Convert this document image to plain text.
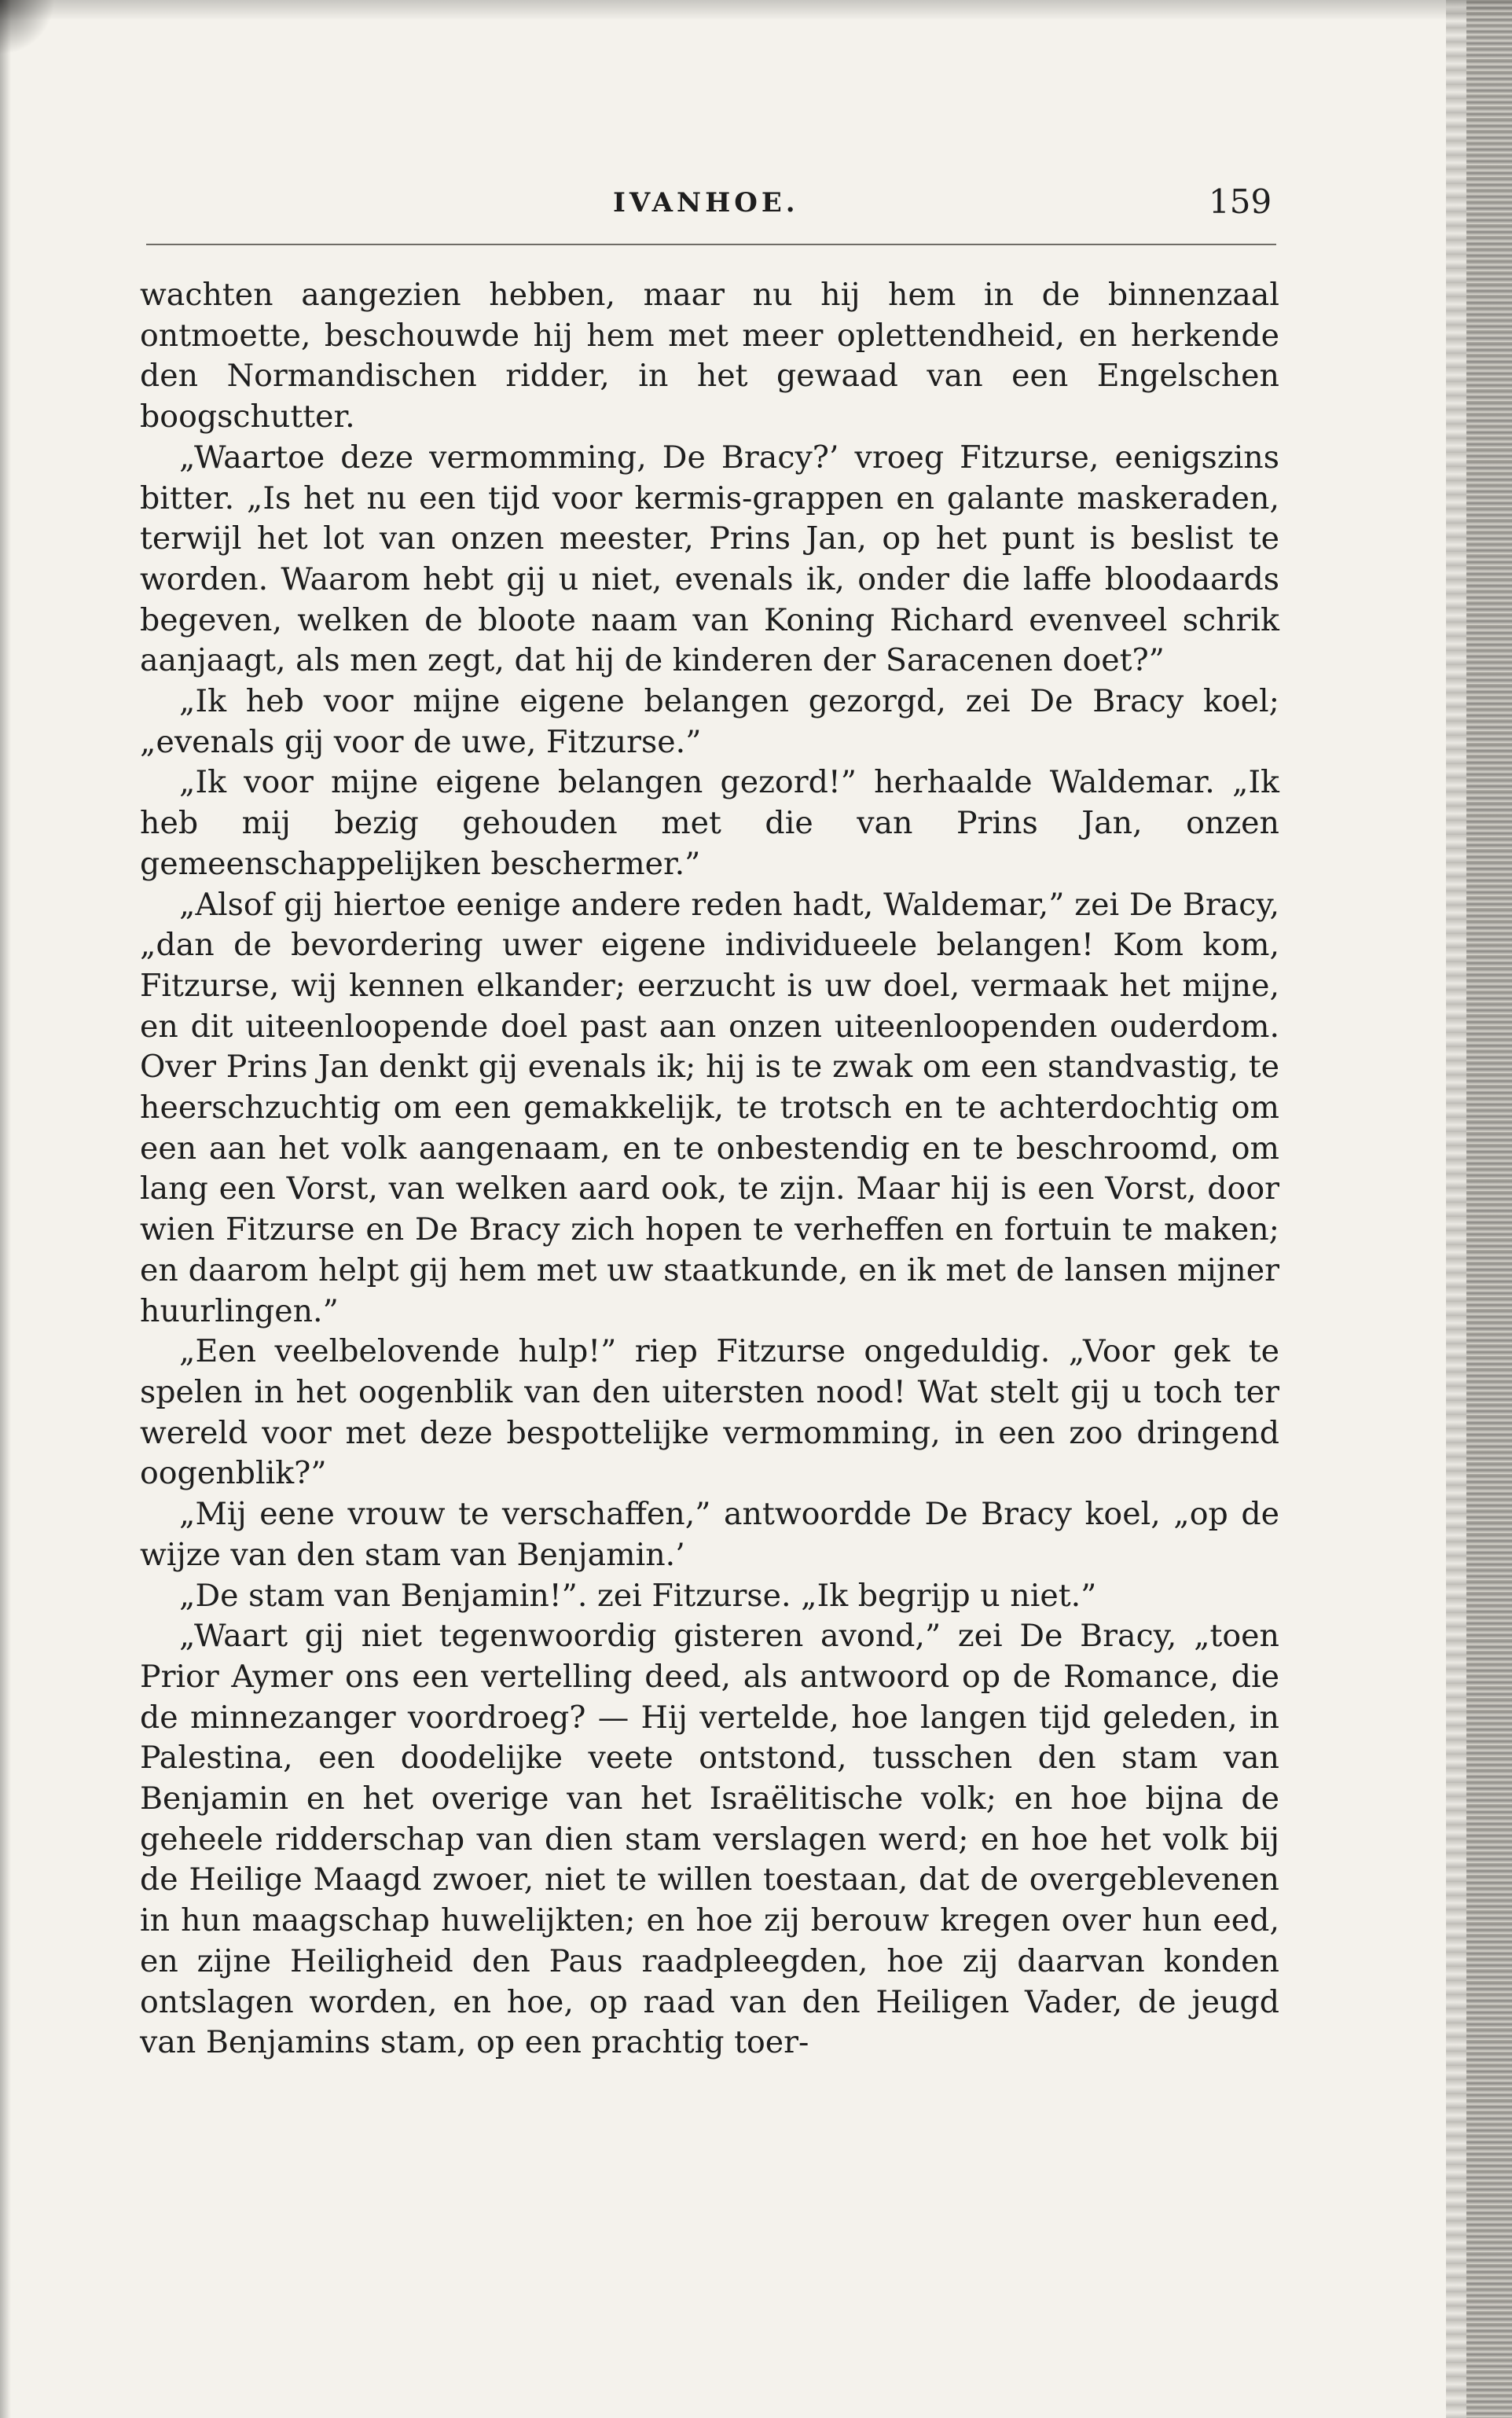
IVANHOE.	159

wachten aangezien hebben, maar nu hij hem in de binnenzaal ontmoette, beschouwde hij hem met meer oplettendheid, en herkende den Normandischen ridder, in het gewaad van een Engelschen boogschutter.

„Waartoe deze vermomming, De Bracy?’ vroeg Fitzurse, eenigszins bitter. „Is het nu een tijd voor kermis-grappen en galante maskeraden, terwijl het lot van onzen meester, Prins Jan, op het punt is beslist te worden. Waarom hebt gij u niet, evenals ik, onder die laffe bloodaards begeven, welken de bloote naam van Koning Richard evenveel schrik aanjaagt, als men zegt, dat hij de kinderen der Saracenen doet?”

„Ik heb voor mijne eigene belangen gezorgd, zei De Bracy koel; „evenals gij voor de uwe, Fitzurse.”

„Ik voor mijne eigene belangen gezord!” herhaalde Waldemar. „Ik heb mij bezig gehouden met die van Prins Jan, onzen gemeenschappelijken beschermer.”

„Alsof gij hiertoe eenige andere reden hadt, Waldemar,” zei De Bracy, „dan de bevordering uwer eigene individueele belangen! Kom kom, Fitzurse, wij kennen elkander; eerzucht is uw doel, vermaak het mijne, en dit uiteenloopende doel past aan onzen uiteenloopenden ouderdom. Over Prins Jan denkt gij evenals ik; hij is te zwak om een standvastig, te heerschzuchtig om een gemakkelijk, te trotsch en te achterdochtig om een aan het volk aangenaam, en te onbestendig en te beschroomd, om lang een Vorst, van welken aard ook, te zijn. Maar hij is een Vorst, door wien Fitzurse en De Bracy zich hopen te verheffen en fortuin te maken; en daarom helpt gij hem met uw staatkunde, en ik met de lansen mijner huurlingen.”

„Een veelbelovende hulp!” riep Fitzurse ongeduldig. „Voor gek te spelen in het oogenblik van den uitersten nood! Wat stelt gij u toch ter wereld voor met deze bespottelijke vermomming, in een zoo dringend oogenblik?”

„Mij eene vrouw te verschaffen,” antwoordde De Bracy koel, „op de wijze van den stam van Benjamin.’

„De stam van Benjamin!”. zei Fitzurse. „Ik begrijp u niet.”

„Waart gij niet tegenwoordig gisteren avond,” zei De Bracy, „toen Prior Aymer ons een vertelling deed, als antwoord op de Romance, die de minnezanger voordroeg? — Hij vertelde, hoe langen tijd geleden, in Palestina, een doodelijke veete ontstond, tusschen den stam van Benjamin en het overige van het Israëlitische volk; en hoe bijna de geheele ridderschap van dien stam verslagen werd; en hoe het volk bij de Heilige Maagd zwoer, niet te willen toestaan, dat de overgeblevenen in hun maagschap huwelijkten; en hoe zij berouw kregen over hun eed, en zijne Heiligheid den Paus raadpleegden, hoe zij daarvan konden ontslagen worden, en hoe, op raad van den Heiligen Vader, de jeugd van Benjamins stam, op een prachtig toer-
